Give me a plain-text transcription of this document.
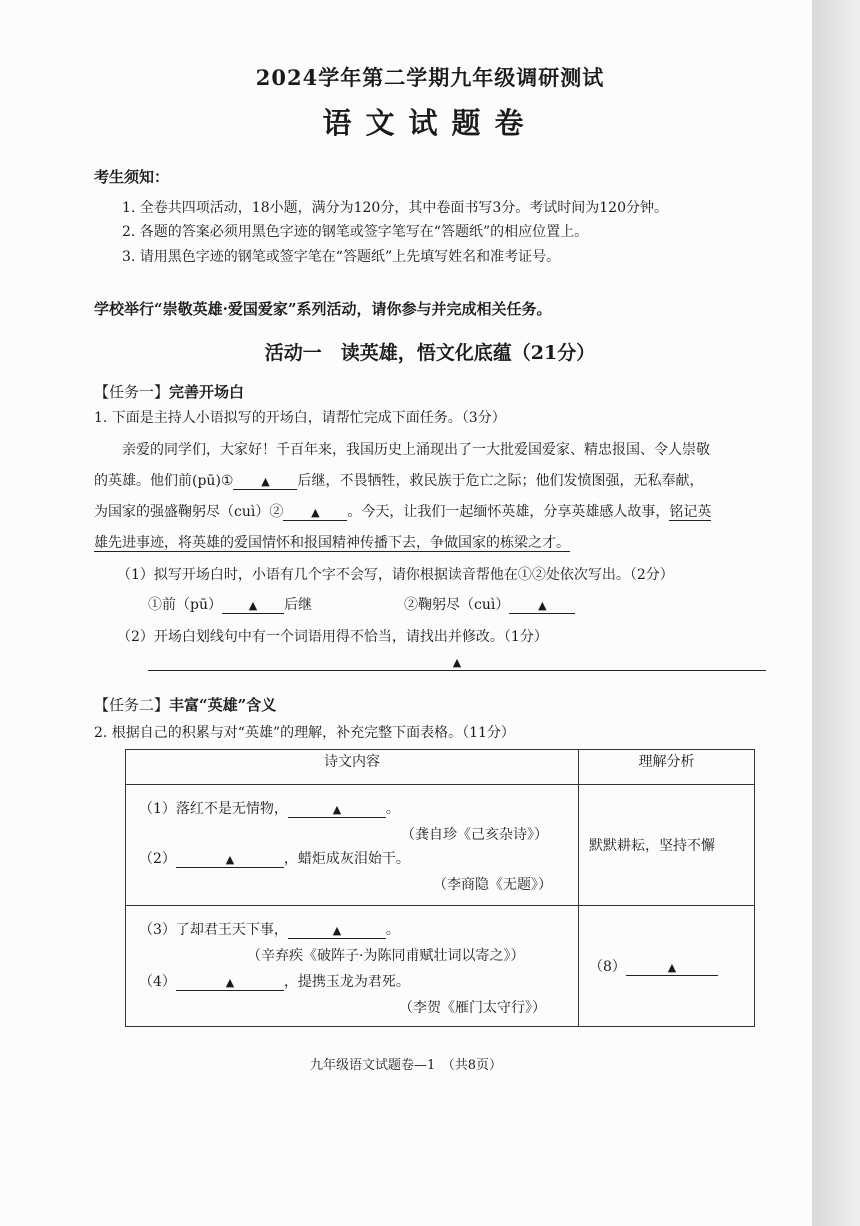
2024学年第二学期九年级调研测试
语文试题卷
考生须知：
1. 全卷共四项活动，18小题，满分为120分，其中卷面书写3分。考试时间为120分钟。
2. 各题的答案必须用黑色字迹的钢笔或签字笔写在“答题纸”的相应位置上。
3. 请用黑色字迹的钢笔或签字笔在“答题纸”上先填写姓名和准考证号。
学校举行“崇敬英雄·爱国爱家”系列活动，请你参与并完成相关任务。
活动一　读英雄，悟文化底蕴（21分）
【任务一】完善开场白
1. 下面是主持人小语拟写的开场白，请帮忙完成下面任务。（3分）
亲爱的同学们，大家好！千百年来，我国历史上涌现出了一大批爱国爱家、精忠报国、令人崇敬
的英雄。他们前(pū)①	▲ 后继，不畏牺牲，救民族于危亡之际；他们发愤图强，无私奉献，
为国家的强盛鞠躬尽（cuì）②	▲ 。今天，让我们一起缅怀英雄，分享英雄感人故事，铭记英
雄先进事迹，将英雄的爱国情怀和报国精神传播下去，争做国家的栋梁之才。
（1）拟写开场白时，小语有几个字不会写，请你根据读音帮他在①②处依次写出。（2分）
①前（pū） ▲ 后继	②鞠躬尽（cuì）	▲
（2）开场白划线句中有一个词语用得不恰当，请找出并修改。（1分）
▲
【任务二】丰富“英雄”含义
2. 根据自己的积累与对“英雄”的理解，补充完整下面表格。（11分）
诗文内容	理解分析

（1）落红不是无情物， ▲ 。
（龚自珍《己亥杂诗》）
（2） ▲ ，蜡炬成灰泪始干。
（李商隐《无题》）	默默耕耘，坚持不懈

（3）了却君王天下事， ▲ 。
（辛弃疾《破阵子·为陈同甫赋壮词以寄之》）
（4） ▲ ，提携玉龙为君死。
（李贺《雁门太守行》）	（8） ▲
九年级语文试题卷—1　（共8页）
